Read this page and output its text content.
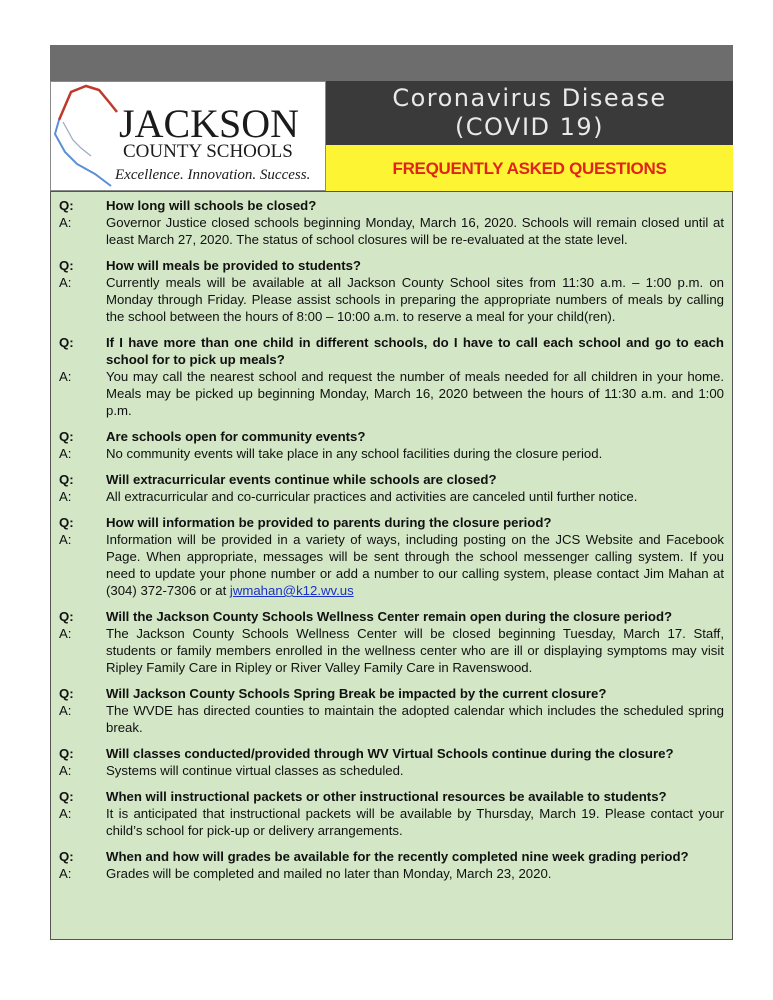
JACKSON
COUNTY SCHOOLS
Excellence. Innovation. Success.
Coronavirus Disease
(COVID 19)
FREQUENTLY ASKED QUESTIONS
Q:	How long will schools be closed?
A:	Governor Justice closed schools beginning Monday, March 16, 2020. Schools will remain closed until at least March 27, 2020. The status of school closures will be re-evaluated at the state level.
Q:	How will meals be provided to students?
A:	Currently meals will be available at all Jackson County School sites from 11:30 a.m. – 1:00 p.m. on Monday through Friday. Please assist schools in preparing the appropriate numbers of meals by calling the school between the hours of 8:00 – 10:00 a.m. to reserve a meal for your child(ren).
Q:	If I have more than one child in different schools, do I have to call each school and go to each school for to pick up meals?
A:	You may call the nearest school and request the number of meals needed for all children in your home. Meals may be picked up beginning Monday, March 16, 2020 between the hours of 11:30 a.m. and 1:00 p.m.
Q:	Are schools open for community events?
A:	No community events will take place in any school facilities during the closure period.
Q:	Will extracurricular events continue while schools are closed?
A:	All extracurricular and co-curricular practices and activities are canceled until further notice.
Q:	How will information be provided to parents during the closure period?
A:	Information will be provided in a variety of ways, including posting on the JCS Website and Facebook Page. When appropriate, messages will be sent through the school messenger calling system. If you need to update your phone number or add a number to our calling system, please contact Jim Mahan at (304) 372-7306 or at jwmahan@k12.wv.us
Q:	Will the Jackson County Schools Wellness Center remain open during the closure period?
A:	The Jackson County Schools Wellness Center will be closed beginning Tuesday, March 17. Staff, students or family members enrolled in the wellness center who are ill or displaying symptoms may visit Ripley Family Care in Ripley or River Valley Family Care in Ravenswood.
Q:	Will Jackson County Schools Spring Break be impacted by the current closure?
A:	The WVDE has directed counties to maintain the adopted calendar which includes the scheduled spring break.
Q:	Will classes conducted/provided through WV Virtual Schools continue during the closure?
A:	Systems will continue virtual classes as scheduled.
Q:	When will instructional packets or other instructional resources be available to students?
A:	It is anticipated that instructional packets will be available by Thursday, March 19. Please contact your child’s school for pick-up or delivery arrangements.
Q:	When and how will grades be available for the recently completed nine week grading period?
A:	Grades will be completed and mailed no later than Monday, March 23, 2020.
